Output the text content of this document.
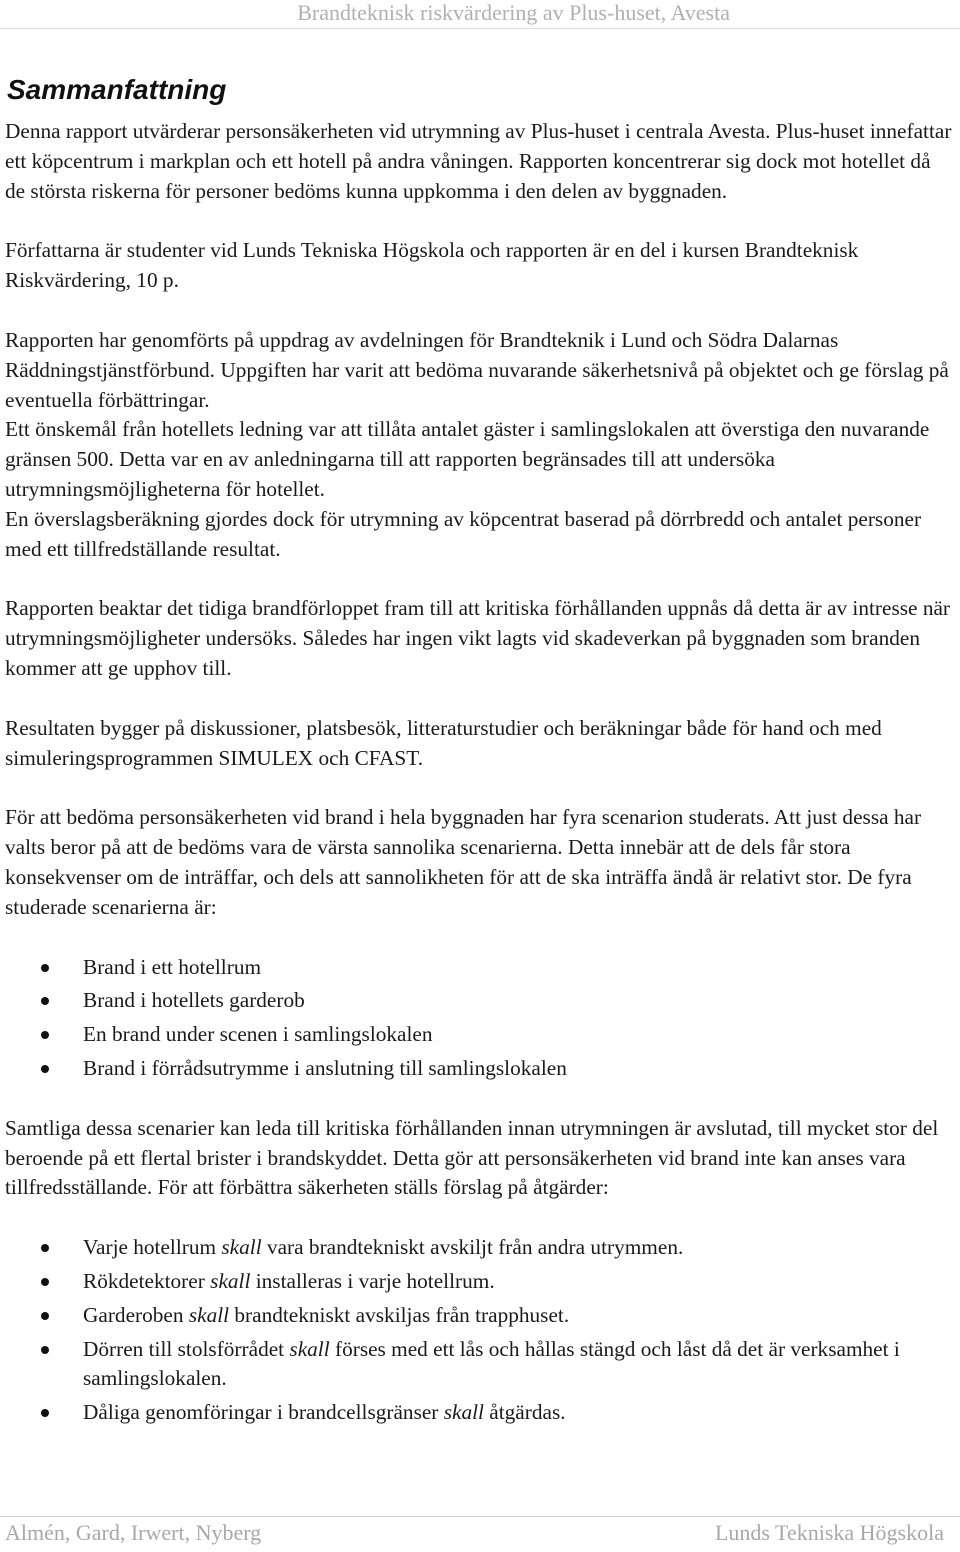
Brandteknisk riskvärdering av Plus-huset, Avesta
Sammanfattning

Denna rapport utvärderar personsäkerheten vid utrymning av Plus-huset i centrala Avesta. Plus-huset innefattar ett köpcentrum i markplan och ett hotell på andra våningen. Rapporten koncentrerar sig dock mot hotellet då de största riskerna för personer bedöms kunna uppkomma i den delen av byggnaden.

Författarna är studenter vid Lunds Tekniska Högskola och rapporten är en del i kursen Brandteknisk Riskvärdering, 10 p.

Rapporten har genomförts på uppdrag av avdelningen för Brandteknik i Lund och Södra Dalarnas Räddningstjänstförbund. Uppgiften har varit att bedöma nuvarande säkerhetsnivå på objektet och ge förslag på eventuella förbättringar.

Ett önskemål från hotellets ledning var att tillåta antalet gäster i samlingslokalen att överstiga den nuvarande gränsen 500. Detta var en av anledningarna till att rapporten begränsades till att undersöka utrymningsmöjligheterna för hotellet.

En överslagsberäkning gjordes dock för utrymning av köpcentrat baserad på dörrbredd och antalet personer med ett tillfredställande resultat.

Rapporten beaktar det tidiga brandförloppet fram till att kritiska förhållanden uppnås då detta är av intresse när utrymningsmöjligheter undersöks. Således har ingen vikt lagts vid skadeverkan på byggnaden som branden kommer att ge upphov till.

Resultaten bygger på diskussioner, platsbesök, litteraturstudier och beräkningar både för hand och med simuleringsprogrammen SIMULEX och CFAST.

För att bedöma personsäkerheten vid brand i hela byggnaden har fyra scenarion studerats. Att just dessa har valts beror på att de bedöms vara de värsta sannolika scenarierna. Detta innebär att de dels får stora konsekvenser om de inträffar, och dels att sannolikheten för att de ska inträffa ändå är relativt stor. De fyra studerade scenarierna är:

Brand i ett hotellrum
Brand i hotellets garderob
En brand under scenen i samlingslokalen
Brand i förrådsutrymme i anslutning till samlingslokalen

Samtliga dessa scenarier kan leda till kritiska förhållanden innan utrymningen är avslutad, till mycket stor del beroende på ett flertal brister i brandskyddet. Detta gör att personsäkerheten vid brand inte kan anses vara tillfredsställande. För att förbättra säkerheten ställs förslag på åtgärder:

Varje hotellrum skall vara brandtekniskt avskiljt från andra utrymmen.
Rökdetektorer skall installeras i varje hotellrum.
Garderoben skall brandtekniskt avskiljas från trapphuset.
Dörren till stolsförrådet skall förses med ett lås och hållas stängd och låst då det är verksamhet i samlingslokalen.
Dåliga genomföringar i brandcellsgränser skall åtgärdas.
Almén, Gard, Irwert, Nyberg	Lunds Tekniska Högskola
